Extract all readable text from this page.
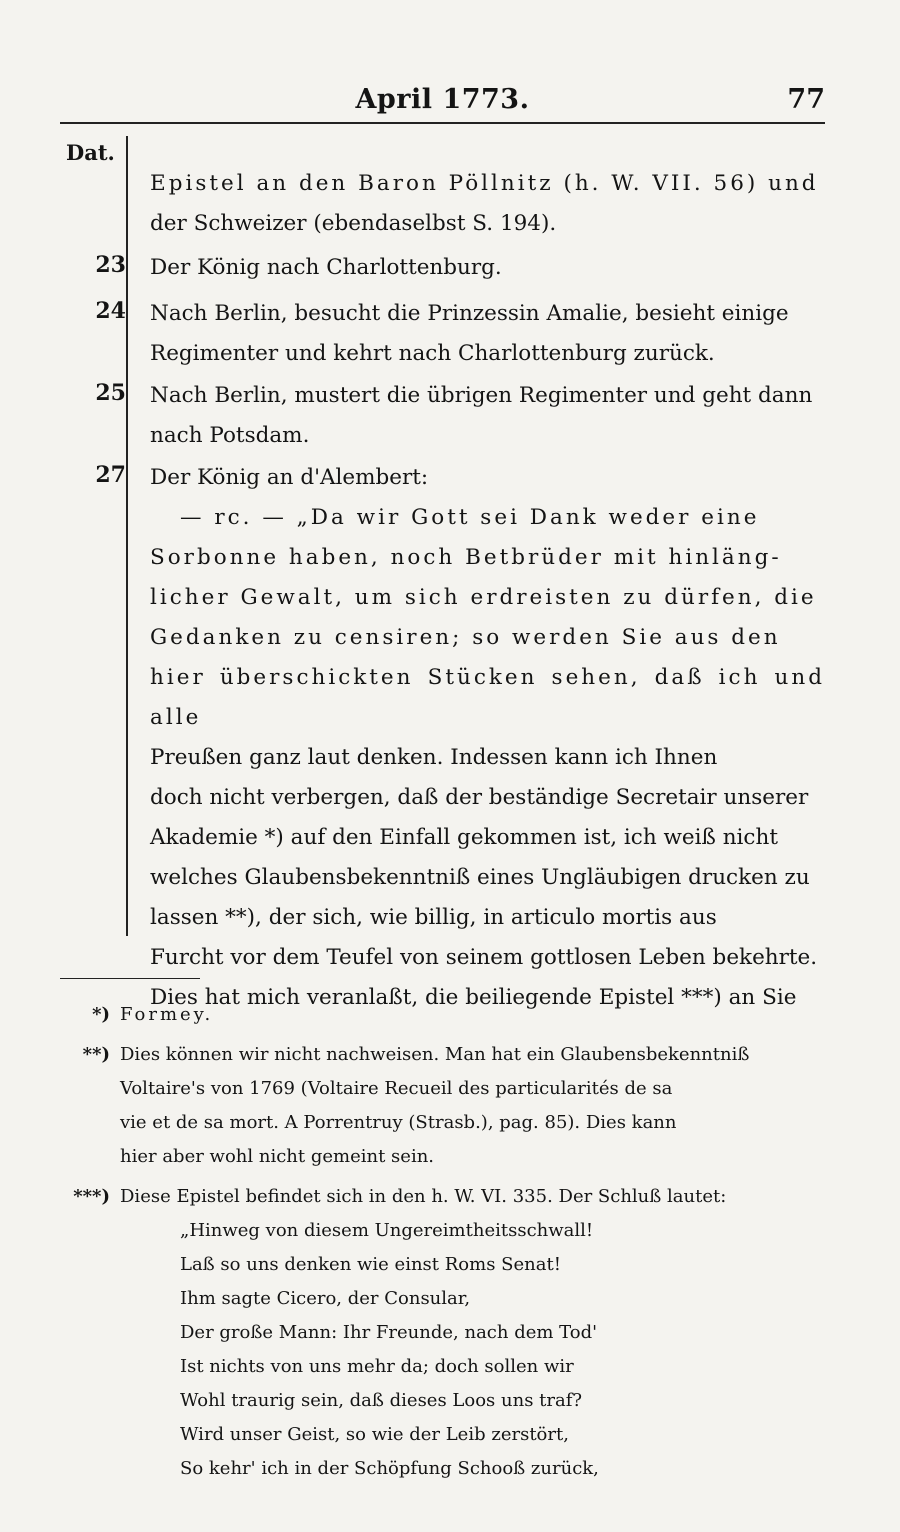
April 1773.	77
Dat.
Epistel an den Baron Pöllnitz (h. W. VII. 56) und
der Schweizer (ebendaselbst S. 194).
23 Der König nach Charlottenburg.
24 Nach Berlin, besucht die Prinzessin Amalie, besieht einige
Regimenter und kehrt nach Charlottenburg zurück.
25 Nach Berlin, mustert die übrigen Regimenter und geht dann
nach Potsdam.
27 Der König an d'Alembert:
— rc. — „Da wir Gott sei Dank weder eine
Sorbonne haben, noch Betbrüder mit hinläng-
licher Gewalt, um sich erdreisten zu dürfen, die
Gedanken zu censiren; so werden Sie aus den
hier überschickten Stücken sehen, daß ich und alle
Preußen ganz laut denken. Indessen kann ich Ihnen
doch nicht verbergen, daß der beständige Secretair unserer
Akademie *) auf den Einfall gekommen ist, ich weiß nicht
welches Glaubensbekenntniß eines Ungläubigen drucken zu
lassen **), der sich, wie billig, in articulo mortis aus
Furcht vor dem Teufel von seinem gottlosen Leben bekehrte.
Dies hat mich veranlaßt, die beiliegende Epistel ***) an Sie
*) Formey.
**) Dies können wir nicht nachweisen. Man hat ein Glaubensbekenntniß
Voltaire's von 1769 (Voltaire Recueil des particularités de sa
vie et de sa mort. A Porrentruy (Strasb.), pag. 85). Dies kann
hier aber wohl nicht gemeint sein.
***) Diese Epistel befindet sich in den h. W. VI. 335. Der Schluß lautet:
„Hinweg von diesem Ungereimtheitsschwall!
Laß so uns denken wie einst Roms Senat!
Ihm sagte Cicero, der Consular,
Der große Mann: Ihr Freunde, nach dem Tod'
Ist nichts von uns mehr da; doch sollen wir
Wohl traurig sein, daß dieses Loos uns traf?
Wird unser Geist, so wie der Leib zerstört,
So kehr' ich in der Schöpfung Schooß zurück,
